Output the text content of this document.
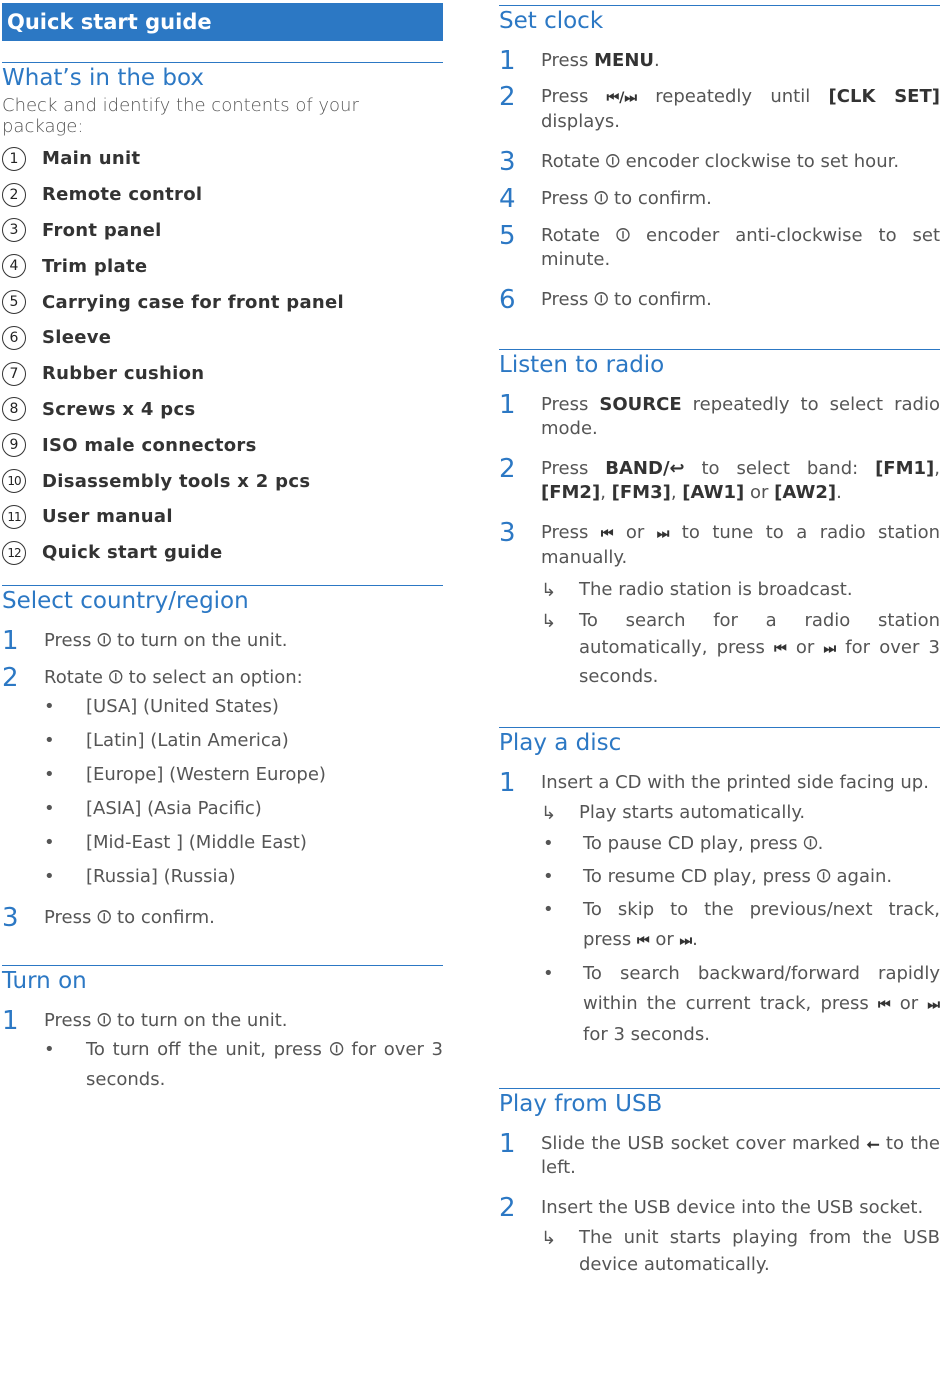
Quick start guide
What’s in the box
Check and identify the contents of your package:
1	Main unit
2	Remote control
3	Front panel
4	Trim plate
5	Carrying case for front panel
6	Sleeve
7	Rubber cushion
8	Screws x 4 pcs
9	ISO male connectors
10 Disassembly tools x 2 pcs
11 User manual
12 Quick start guide
Select country/region
1 Press ⏼ to turn on the unit.
2 Rotate ⏼ to select an option:
• [USA] (United States)
• [Latin] (Latin America)
• [Europe] (Western Europe)
• [ASIA] (Asia Pacific)
• [Mid-East ] (Middle East)
• [Russia] (Russia)
3 Press ⏼ to confirm.
Turn on
1 Press ⏼ to turn on the unit.
• To turn off the unit, press ⏼ for over 3 seconds.
Set clock
1 Press MENU.
2 Press ⏮/⏭ repeatedly until [CLK SET] displays.
3 Rotate ⏼ encoder clockwise to set hour.
4 Press ⏼ to confirm.
5 Rotate ⏼ encoder anti-clockwise to set minute.
6 Press ⏼ to confirm.
Listen to radio
1 Press SOURCE repeatedly to select radio mode.
2 Press BAND/↩ to select band: [FM1], [FM2], [FM3], [AW1] or [AW2].
3 Press ⏮ or ⏭ to tune to a radio station manually.
↳ The radio station is broadcast.
↳ To search for a radio station automatically, press ⏮ or ⏭ for over 3 seconds.
Play a disc
1 Insert a CD with the printed side facing up.
↳ Play starts automatically.
• To pause CD play, press ⏼.
• To resume CD play, press ⏼ again.
• To skip to the previous/next track, press ⏮ or ⏭.
• To search backward/forward rapidly within the current track, press ⏮ or ⏭ for 3 seconds.
Play from USB
1 Slide the USB socket cover marked ⭠ to the left.
2 Insert the USB device into the USB socket.
↳ The unit starts playing from the USB device automatically.
